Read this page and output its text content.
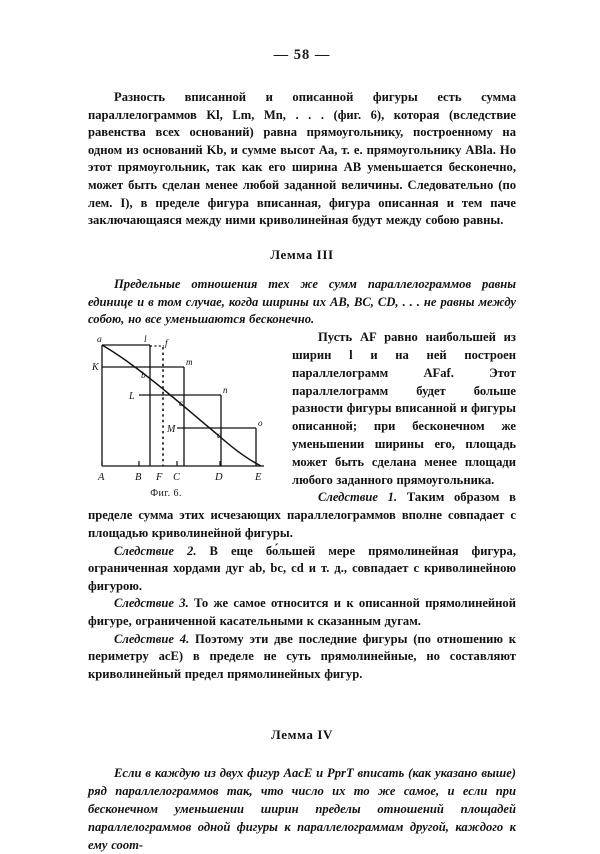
— 58 —

Разность вписанной и описанной фигуры есть сумма параллелограммов Kl, Lm, Mn, . . . (фиг. 6), которая (вследствие равенства всех оснований) равна прямоугольнику, построенному на одном из оснований Kb, и сумме высот Aa, т. е. прямоугольнику ABla. Но этот прямоугольник, так как его ширина AB уменьшается бесконечно, может быть сделан менее любой заданной величины. Следовательно (по лем. I), в пределе фигура вписанная, фигура описанная и тем паче заключающаяся между ними криволинейная будут между собою равны.

Лемма III

Предельные отношения тех же сумм параллелограммов равны единице и в том случае, когда ширины их AB, BC, CD, . . . не равны между собою, но все уменьшаются бесконечно.

a	l f
K
b
m
L
c
n
M
d
o
A	B F C	D	E
Фиг. 6.

Пусть AF равно наибольшей из ширин l и на ней построен параллелограмм AFaf. Этот параллелограмм будет больше разности фигуры вписанной и фигуры описанной; при бесконечном же уменьшении ширины его, площадь может быть сделана менее площади любого заданного прямоугольника.

Следствие 1. Таким образом в пределе сумма этих исчезающих параллелограммов вполне совпадает с площадью криволинейной фигуры.

Следствие 2. В еще бо́льшей мере прямолинейная фигура, ограниченная хордами дуг ab, bc, cd и т. д., совпадает с криволинейною фигурою.

Следствие 3. То же самое относится и к описанной прямолинейной фигуре, ограниченной касательными к сказанным дугам.

Следствие 4. Поэтому эти две последние фигуры (по отношению к периметру acE) в пределе не суть прямолинейные, но составляют криволинейный предел прямолинейных фигур.

Лемма IV

Если в каждую из двух фигур AacE и PprT вписать (как указано выше) ряд параллелограммов так, что число их то же самое, и если при бесконечном уменьшении ширин пределы отношений площадей параллелограммов одной фигуры к параллелограммам другой, каждого к ему соот-
